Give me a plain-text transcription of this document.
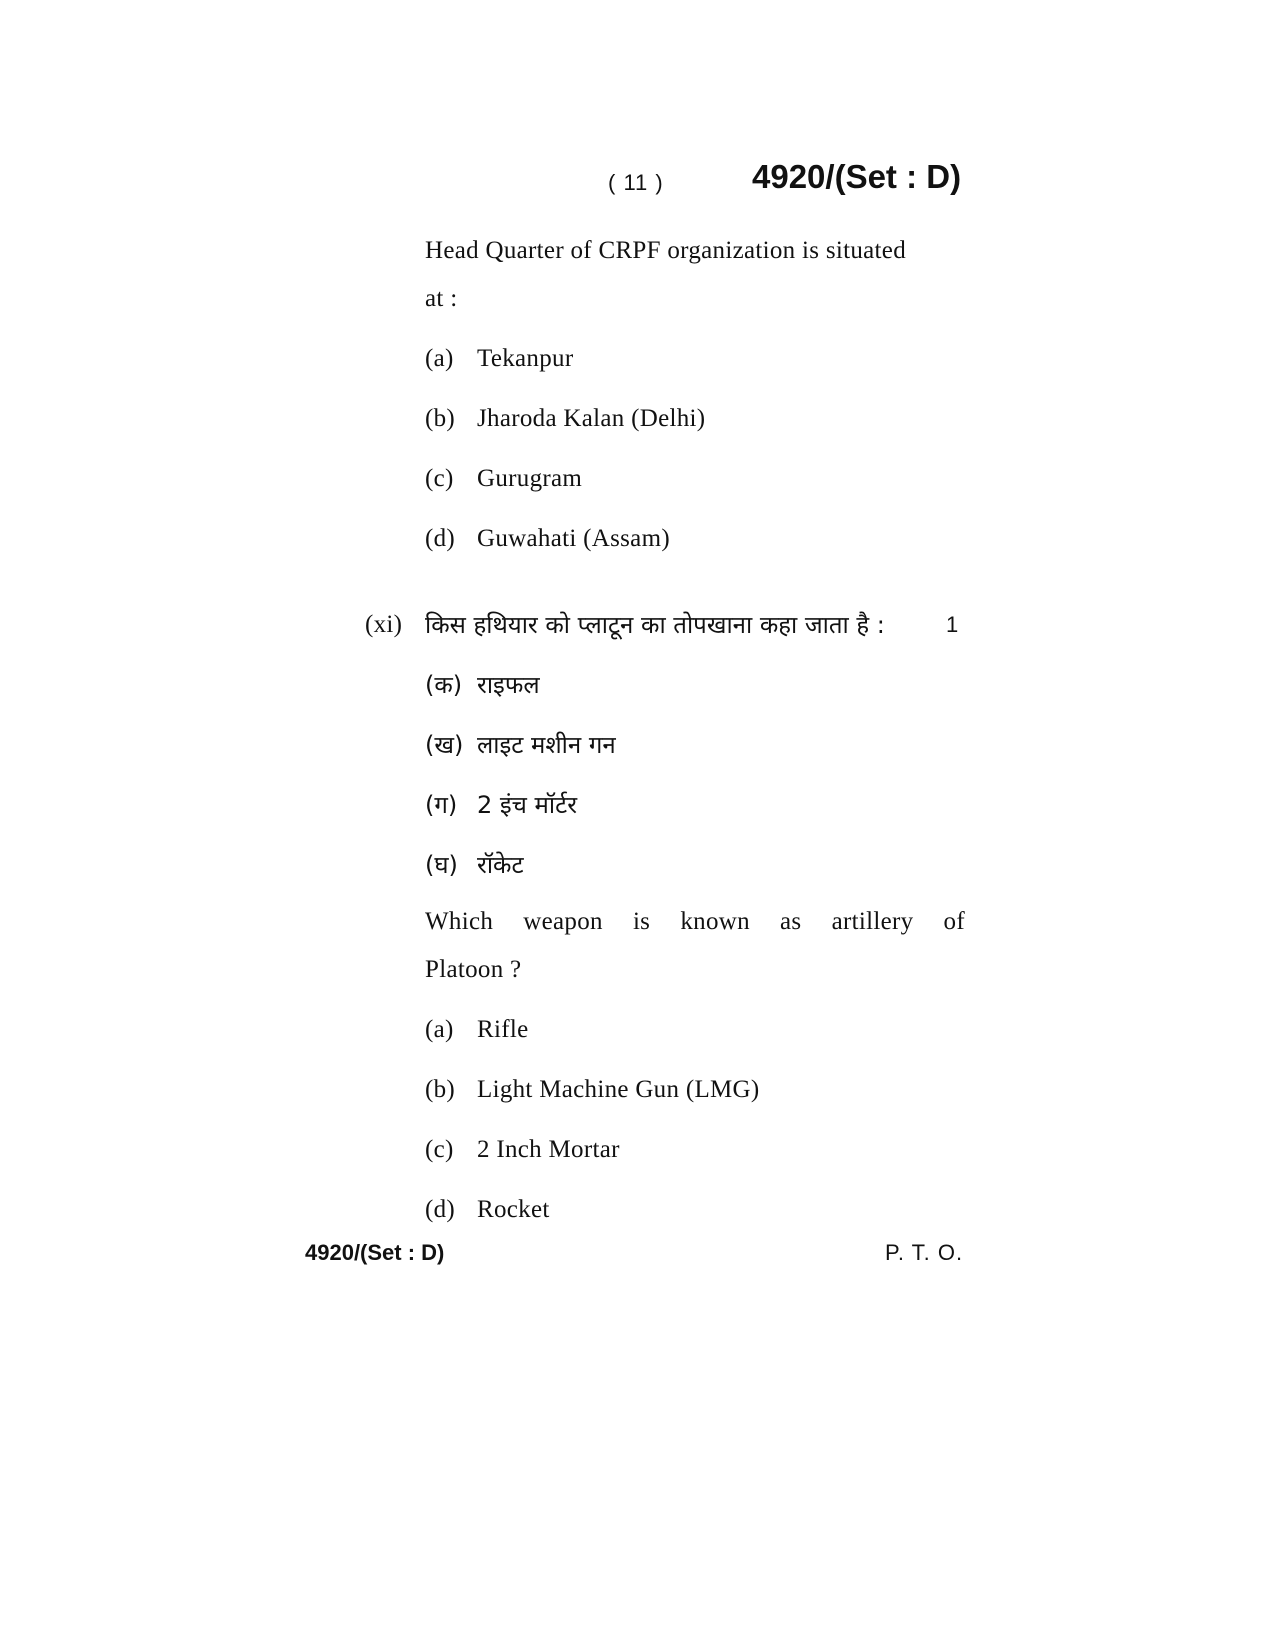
( 11 )	4920/(Set : D)
Head Quarter of CRPF organization is situated
at :
(a) Tekanpur
(b) Jharoda Kalan (Delhi)
(c) Gurugram
(d) Guwahati (Assam)
(xi) किस हथियार को प्लाटून का तोपखाना कहा जाता है :	1
(क) राइफल
(ख) लाइट मशीन गन
(ग) 2 इंच मॉर्टर
(घ) रॉकेट
Which weapon is known as artillery of
Platoon ?
(a) Rifle
(b) Light Machine Gun (LMG)
(c) 2 Inch Mortar
(d) Rocket
4920/(Set : D)	P. T. O.
